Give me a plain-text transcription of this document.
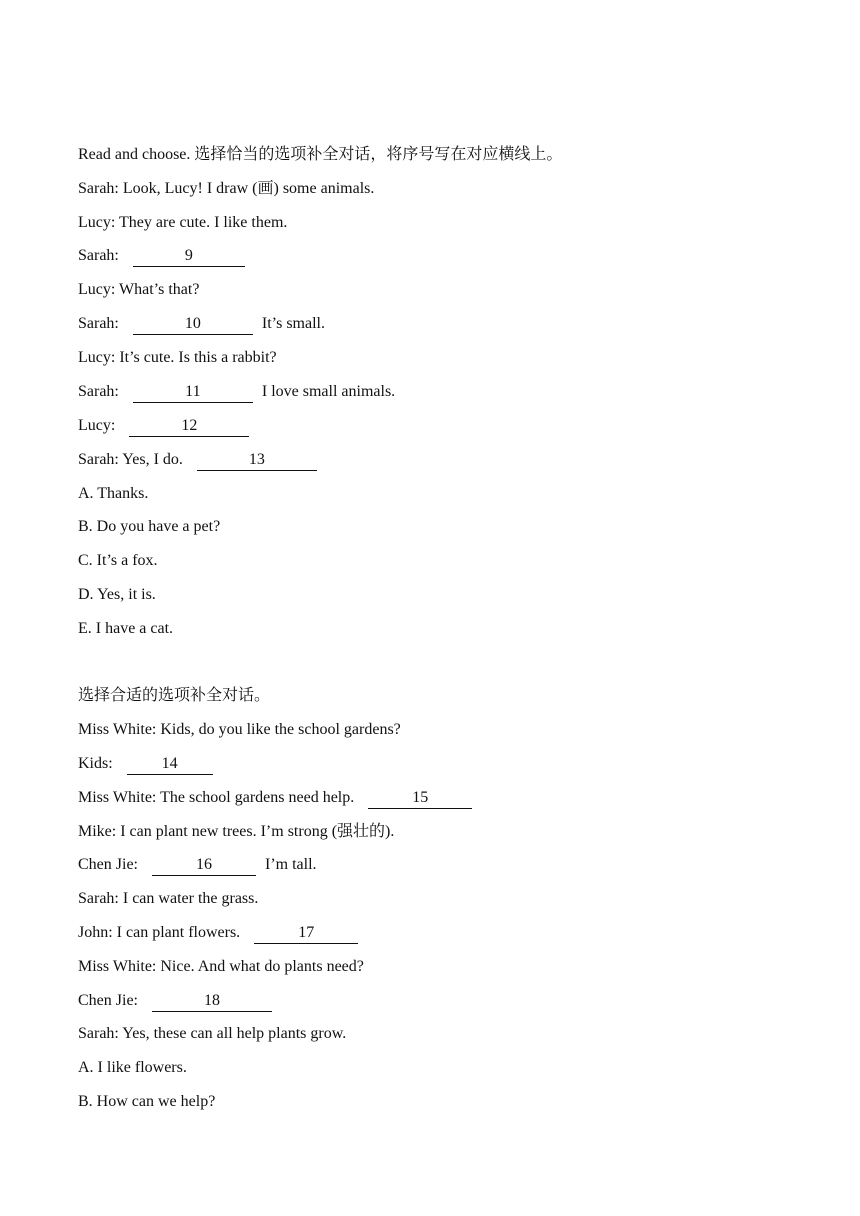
Read and choose. 选择恰当的选项补全对话，将序号写在对应横线上。
Sarah: Look, Lucy! I draw (画) some animals.
Lucy: They are cute. I like them.
Sarah:	9
Lucy: What’s that?
Sarah:	10	It’s small.
Lucy: It’s cute. Is this a rabbit?
Sarah:	11	I love small animals.
Lucy:	12
Sarah: Yes, I do.	13
A. Thanks.
B. Do you have a pet?
C. It’s a fox.
D. Yes, it is.
E. I have a cat.
选择合适的选项补全对话。
Miss White: Kids, do you like the school gardens?
Kids:	14
Miss White: The school gardens need help.	15
Mike: I can plant new trees. I’m strong (强壮的).
Chen Jie:	16	I’m tall.
Sarah: I can water the grass.
John: I can plant flowers.	17
Miss White: Nice. And what do plants need?
Chen Jie:	18
Sarah: Yes, these can all help plants grow.
A. I like flowers.
B. How can we help?
